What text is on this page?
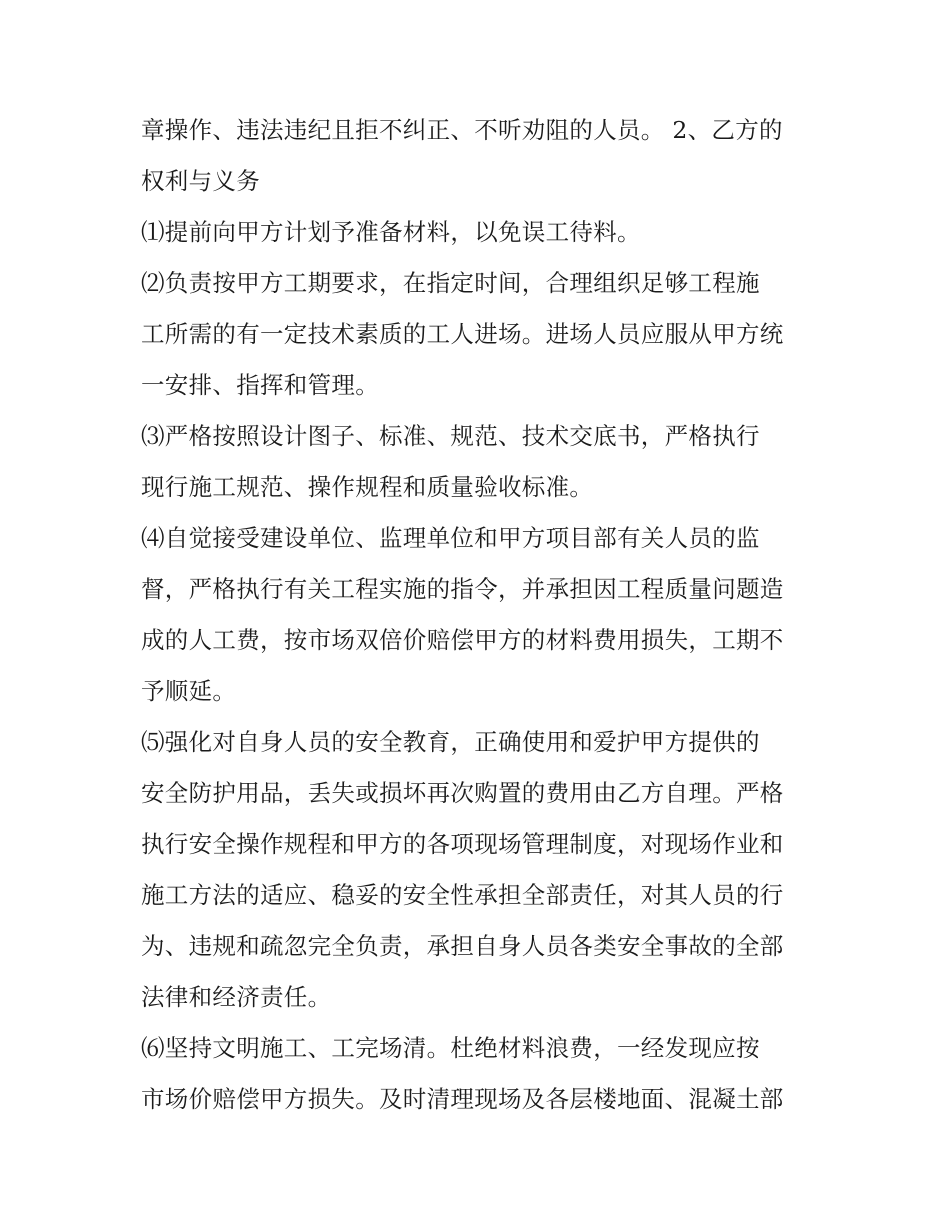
章操作、违法违纪且拒不纠正、不听劝阻的人员。 2、乙方的
权利与义务
⑴提前向甲方计划予准备材料，以免误工待料。
⑵负责按甲方工期要求，在指定时间，合理组织足够工程施
工所需的有一定技术素质的工人进场。进场人员应服从甲方统
一安排、指挥和管理。
⑶严格按照设计图子、标准、规范、技术交底书，严格执行
现行施工规范、操作规程和质量验收标准。
⑷自觉接受建设单位、监理单位和甲方项目部有关人员的监
督，严格执行有关工程实施的指令，并承担因工程质量问题造
成的人工费，按市场双倍价赔偿甲方的材料费用损失，工期不
予顺延。
⑸强化对自身人员的安全教育，正确使用和爱护甲方提供的
安全防护用品，丢失或损坏再次购置的费用由乙方自理。严格
执行安全操作规程和甲方的各项现场管理制度，对现场作业和
施工方法的适应、稳妥的安全性承担全部责任，对其人员的行
为、违规和疏忽完全负责，承担自身人员各类安全事故的全部
法律和经济责任。
⑹坚持文明施工、工完场清。杜绝材料浪费，一经发现应按
市场价赔偿甲方损失。及时清理现场及各层楼地面、混凝土部
